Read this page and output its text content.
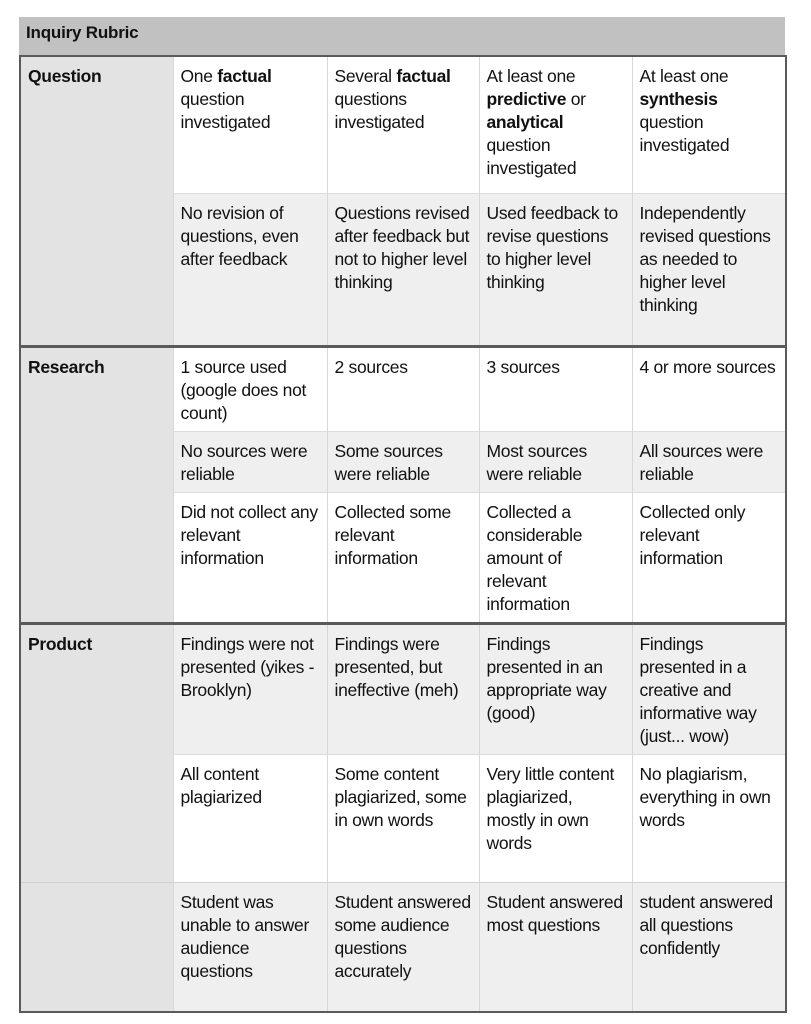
Inquiry Rubric
Question	One factual question investigated	Several factual questions investigated	At least one predictive or analytical question investigated	At least one synthesis question investigated
	No revision of questions, even after feedback	Questions revised after feedback but not to higher level thinking	Used feedback to revise questions to higher level thinking	Independently revised questions as needed to higher level thinking
Research	1 source used (google does not count)	2 sources	3 sources	4 or more sources
	No sources were reliable	Some sources were reliable	Most sources were reliable	All sources were reliable
	Did not collect any relevant information	Collected some relevant information	Collected a considerable amount of relevant information	Collected only relevant information
Product	Findings were not presented (yikes - Brooklyn)	Findings were presented, but ineffective (meh)	Findings presented in an appropriate way (good)	Findings presented in a creative and informative way (just... wow)
	All content plagiarized	Some content plagiarized, some in own words	Very little content plagiarized, mostly in own words	No plagiarism, everything in own words
	Student was unable to answer audience questions	Student answered some audience questions accurately	Student answered most questions	student answered all questions confidently
